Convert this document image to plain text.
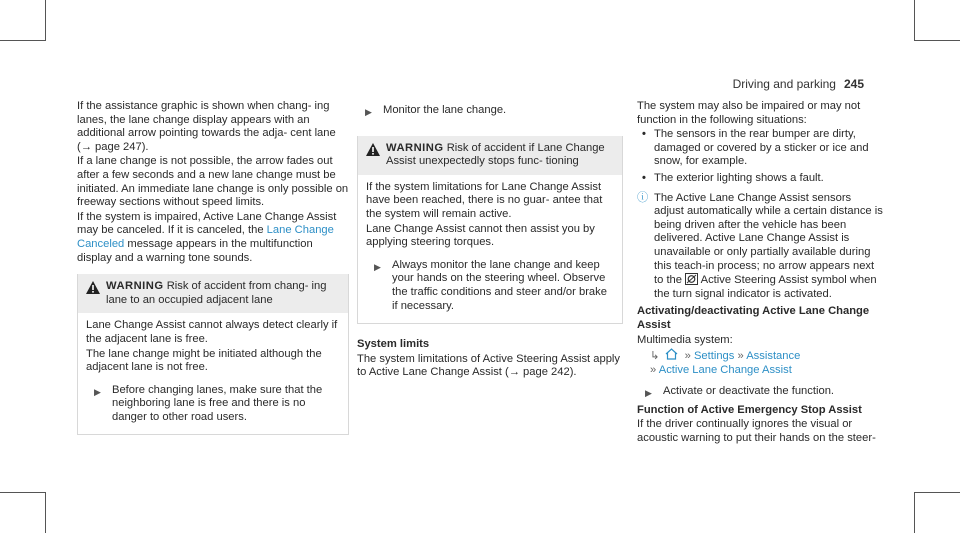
Driving and parking 245

If the assistance graphic is shown when chang‐ ing lanes, the lane change display appears with an additional arrow pointing towards the adja‐ cent lane (→ page 247).

If a lane change is not possible, the arrow fades out after a few seconds and a new lane change must be initiated. An immediate lane change is only possible on freeway sections without speed limits.

If the system is impaired, Active Lane Change Assist may be canceled. If it is canceled, the Lane Change Canceled message appears in the multifunction display and a warning tone sounds.

WARNING Risk of accident from chang‐ ing lane to an occupied adjacent lane

Lane Change Assist cannot always detect clearly if the adjacent lane is free.

The lane change might be initiated although the adjacent lane is not free.

▶ Before changing lanes, make sure that the neighboring lane is free and there is no danger to other road users.
▶ Monitor the lane change.
WARNING Risk of accident if Lane Change Assist unexpectedly stops func‐ tioning

If the system limitations for Lane Change Assist have been reached, there is no guar‐ antee that the system will remain active.

Lane Change Assist cannot then assist you by applying steering torques.

▶ Always monitor the lane change and keep your hands on the steering wheel. Observe the traffic conditions and steer and/or brake if necessary.

System limits

The system limitations of Active Steering Assist apply to Active Lane Change Assist (→ page 242).

The system may also be impaired or may not function in the following situations:

• The sensors in the rear bumper are dirty, damaged or covered by a sticker or ice and snow, for example.
• The exterior lighting shows a fault.
ⓘ The Active Lane Change Assist sensors adjust automatically while a certain distance is being driven after the vehicle has been delivered. Active Lane Change Assist is unavailable or only partially available during this teach-in process; no arrow appears next to the Active Steering Assist symbol when the turn signal indicator is activated.

Activating/deactivating Active Lane Change Assist

Multimedia system:

↳ » Settings » Assistance
» Active Lane Change Assist
▶ Activate or deactivate the function.

Function of Active Emergency Stop Assist

If the driver continually ignores the visual or acoustic warning to put their hands on the steer‐
